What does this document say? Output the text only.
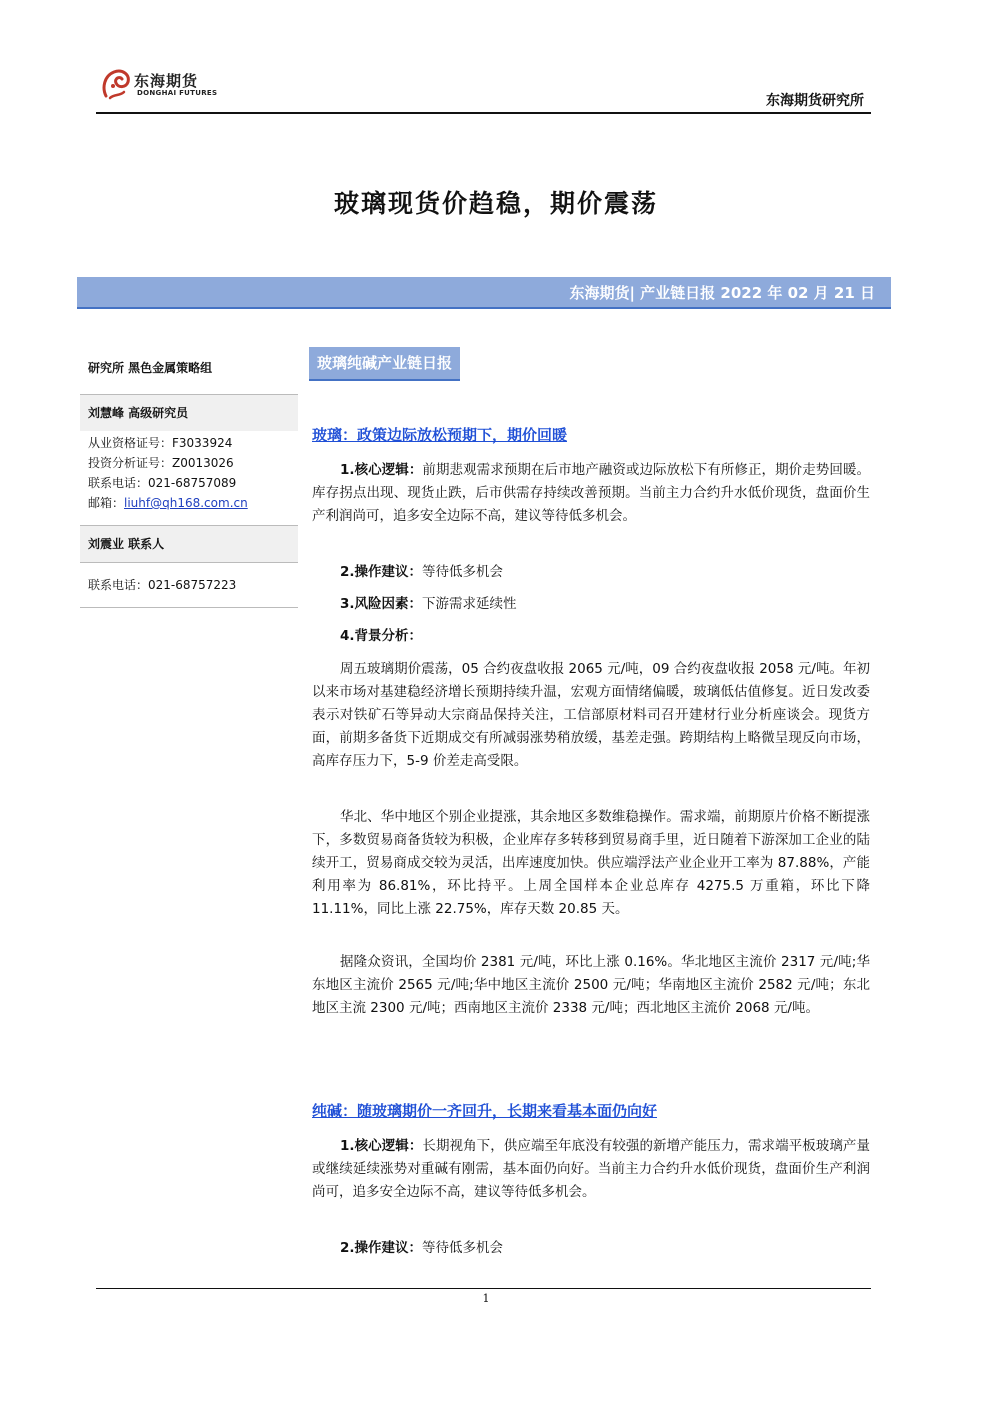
东海期货
DONGHAI FUTURES	东海期货研究所
玻璃现货价趋稳，期价震荡
东海期货| 产业链日报 2022 年 02 月 21 日
研究所 黑色金属策略组
刘慧峰 高级研究员
从业资格证号：F3033924
投资分析证号：Z0013026
联系电话：021-68757089
邮箱：liuhf@qh168.com.cn
刘震业 联系人
联系电话：021-68757223
玻璃纯碱产业链日报
玻璃：政策边际放松预期下，期价回暖
1.核心逻辑：前期悲观需求预期在后市地产融资或边际放松下有所修正，期价走势回暖。库存拐点出现、现货止跌，后市供需存持续改善预期。当前主力合约升水低价现货，盘面价生产利润尚可，追多安全边际不高，建议等待低多机会。
2.操作建议：等待低多机会
3.风险因素：下游需求延续性
4.背景分析：
周五玻璃期价震荡，05 合约夜盘收报 2065 元/吨，09 合约夜盘收报 2058 元/吨。年初以来市场对基建稳经济增长预期持续升温，宏观方面情绪偏暖，玻璃低估值修复。近日发改委表示对铁矿石等异动大宗商品保持关注，工信部原材料司召开建材行业分析座谈会。现货方面，前期多备货下近期成交有所减弱涨势稍放缓，基差走强。跨期结构上略微呈现反向市场，高库存压力下，5-9 价差走高受限。
华北、华中地区个别企业提涨，其余地区多数维稳操作。需求端，前期原片价格不断提涨下，多数贸易商备货较为积极，企业库存多转移到贸易商手里，近日随着下游深加工企业的陆续开工，贸易商成交较为灵活，出库速度加快。供应端浮法产业企业开工率为 87.88%，产能利用率为 86.81%，环比持平。上周全国样本企业总库存 4275.5 万重箱，环比下降 11.11%，同比上涨 22.75%，库存天数 20.85 天。
据隆众资讯，全国均价 2381 元/吨，环比上涨 0.16%。华北地区主流价 2317 元/吨;华东地区主流价 2565 元/吨;华中地区主流价 2500 元/吨；华南地区主流价 2582 元/吨；东北地区主流 2300 元/吨；西南地区主流价 2338 元/吨；西北地区主流价 2068 元/吨。
纯碱：随玻璃期价一齐回升，长期来看基本面仍向好
1.核心逻辑：长期视角下，供应端至年底没有较强的新增产能压力，需求端平板玻璃产量或继续延续涨势对重碱有刚需，基本面仍向好。当前主力合约升水低价现货，盘面价生产利润尚可，追多安全边际不高，建议等待低多机会。
2.操作建议：等待低多机会
1
